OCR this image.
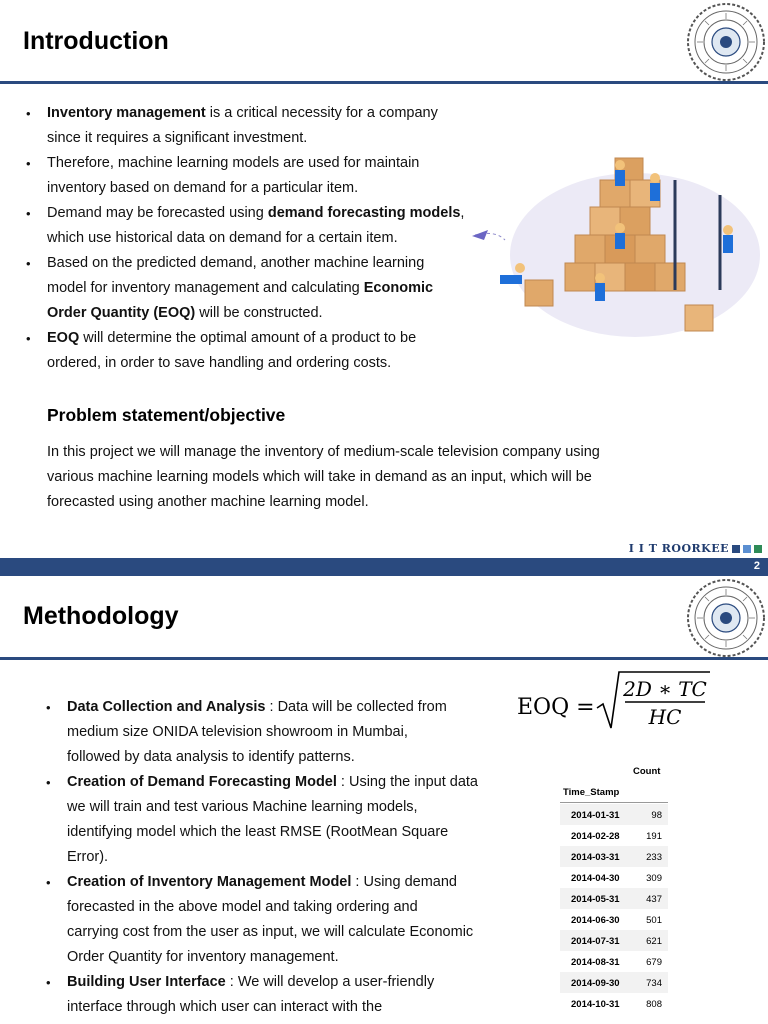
Introduction
• Inventory management is a critical necessity for a company
since it requires a significant investment.
• Therefore, machine learning models are used for maintain
inventory based on demand for a particular item.
• Demand may be forecasted using demand forecasting models,
which use historical data on demand for a certain item.
• Based on the predicted demand, another machine learning
model for inventory management and calculating Economic
Order Quantity (EOQ) will be constructed.
• EOQ will determine the optimal amount of a product to be
ordered, in order to save handling and ordering costs.
Problem statement/objective

In this project we will manage the inventory of medium-scale television company using
various machine learning models which will take in demand as an input, which will be
forecasted using another machine learning model.

I I T ROORKEE
2
Methodology
• Data Collection and Analysis : Data will be collected from
medium size ONIDA television showroom in Mumbai,
followed by data analysis to identify patterns.
• Creation of Demand Forecasting Model : Using the input data
we will train and test various Machine learning models,
identifying model which the least RMSE (RootMean Square
Error).
• Creation of Inventory Management Model : Using demand
forecasted in the above model and taking ordering and
carrying cost from the user as input, we will calculate Economic
Order Quantity for inventory management.
• Building User Interface : We will develop a user-friendly
interface through which user can interact with the
EOQ =
2D ∗ TC
HC
Count
Time_Stamp
2014-01-31	98
2014-02-28	191
2014-03-31	233
2014-04-30	309
2014-05-31	437
2014-06-30	501
2014-07-31	621
2014-08-31	679
2014-09-30	734
2014-10-31	808
